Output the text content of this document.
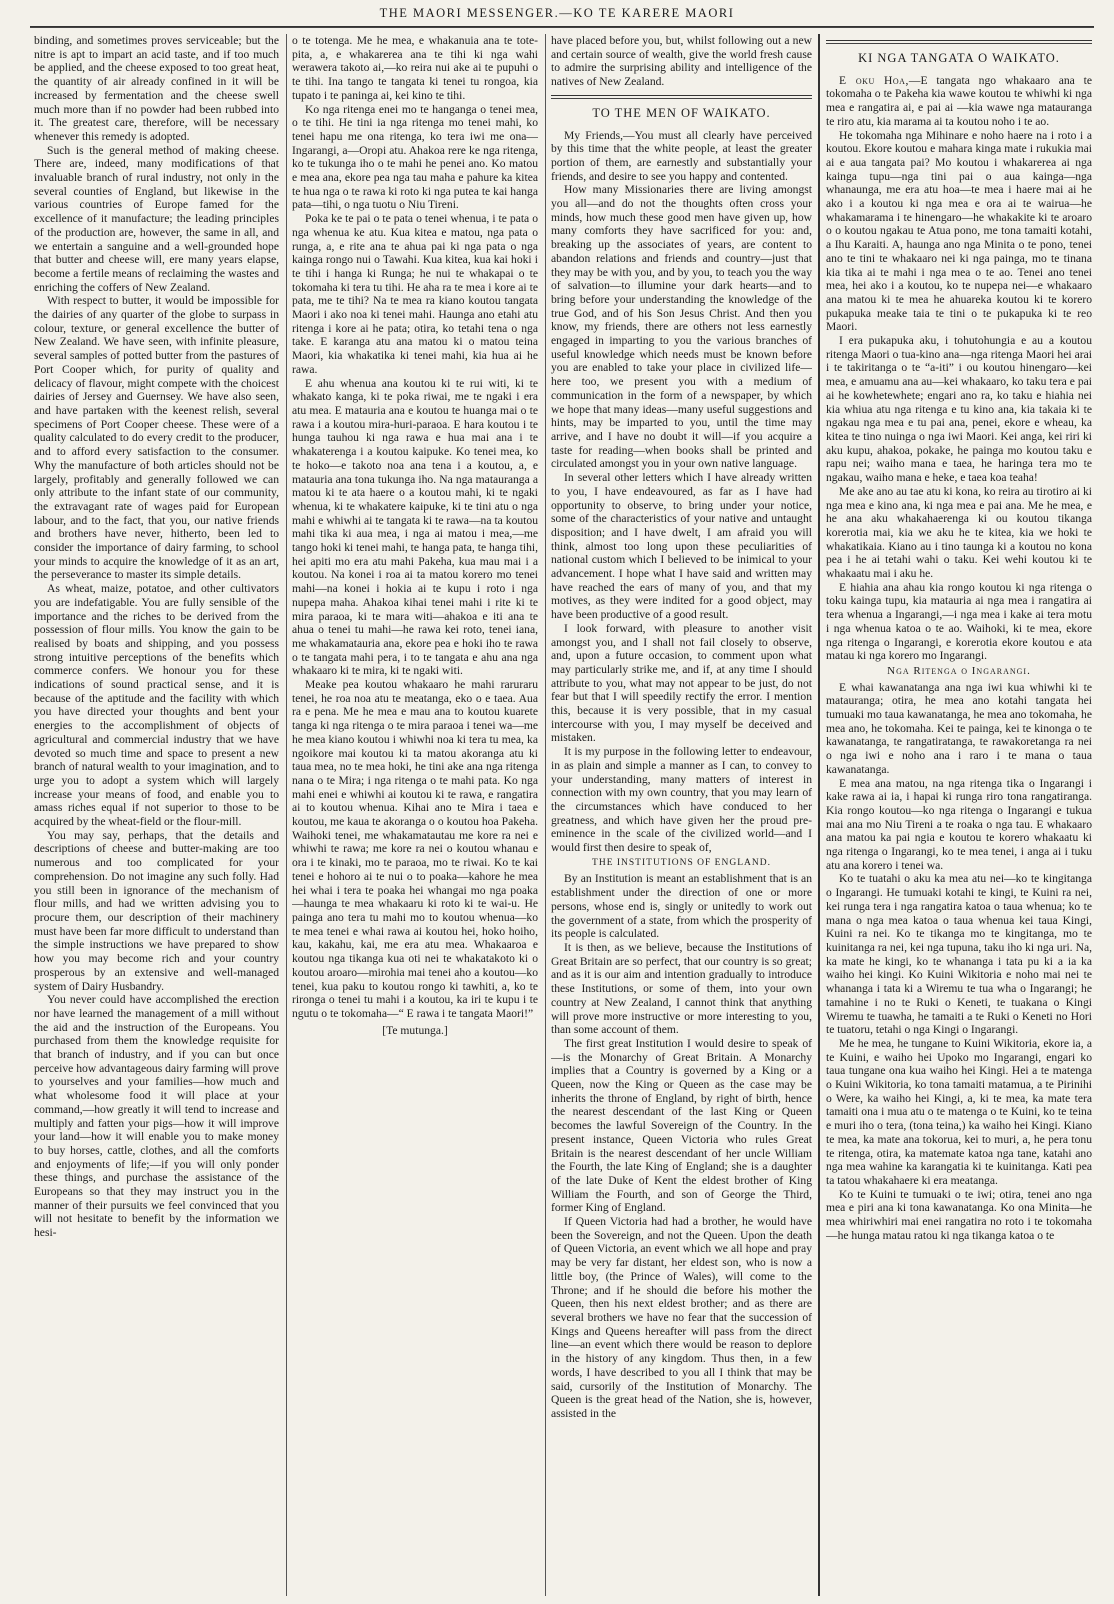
THE MAORI MESSENGER.—KO TE KARERE MAORI

binding, and sometimes proves serviceable; but the nitre is apt to impart an acid taste, and if too much be applied, and the cheese exposed to too great heat, the quantity of air already confined in it will be increased by fermentation and the cheese swell much more than if no powder had been rubbed into it. The greatest care, therefore, will be necessary whenever this remedy is adopted.

Such is the general method of making cheese. There are, indeed, many modifications of that invaluable branch of rural industry, not only in the several counties of England, but likewise in the various countries of Europe famed for the excellence of it manufacture; the leading principles of the production are, however, the same in all, and we entertain a sanguine and a well-grounded hope that butter and cheese will, ere many years elapse, become a fertile means of reclaiming the wastes and enriching the coffers of New Zealand.

With respect to butter, it would be impossible for the dairies of any quarter of the globe to surpass in colour, texture, or general excellence the butter of New Zealand. We have seen, with infinite pleasure, several samples of potted butter from the pastures of Port Cooper which, for purity of quality and delicacy of flavour, might compete with the choicest dairies of Jersey and Guernsey. We have also seen, and have partaken with the keenest relish, several specimens of Port Cooper cheese. These were of a quality calculated to do every credit to the producer, and to afford every satisfaction to the consumer. Why the manufacture of both articles should not be largely, profitably and generally followed we can only attribute to the infant state of our community, the extravagant rate of wages paid for European labour, and to the fact, that you, our native friends and brothers have never, hitherto, been led to consider the importance of dairy farming, to school your minds to acquire the knowledge of it as an art, the perseverance to master its simple details.

As wheat, maize, potatoe, and other cultivators you are indefatigable. You are fully sensible of the importance and the riches to be derived from the possession of flour mills. You know the gain to be realised by boats and shipping, and you possess strong intuitive perceptions of the benefits which commerce confers. We honour you for these indications of sound practical sense, and it is because of the aptitude and the facility with which you have directed your thoughts and bent your energies to the accomplishment of objects of agricultural and commercial industry that we have devoted so much time and space to present a new branch of natural wealth to your imagination, and to urge you to adopt a system which will largely increase your means of food, and enable you to amass riches equal if not superior to those to be acquired by the wheat-field or the flour-mill.

You may say, perhaps, that the details and descriptions of cheese and butter-making are too numerous and too complicated for your comprehension. Do not imagine any such folly. Had you still been in ignorance of the mechanism of flour mills, and had we written advising you to procure them, our description of their machinery must have been far more difficult to understand than the simple instructions we have prepared to show how you may become rich and your country prosperous by an extensive and well-managed system of Dairy Husbandry.

You never could have accomplished the erection nor have learned the management of a mill without the aid and the instruction of the Europeans. You purchased from them the knowledge requisite for that branch of industry, and if you can but once perceive how advantageous dairy farming will prove to yourselves and your families—how much and what wholesome food it will place at your command,—how greatly it will tend to increase and multiply and fatten your pigs—how it will improve your land—how it will enable you to make money to buy horses, cattle, clothes, and all the comforts and enjoyments of life;—if you will only ponder these things, and purchase the assistance of the Europeans so that they may instruct you in the manner of their pursuits we feel convinced that you will not hesitate to benefit by the information we hesi-

o te totenga. Me he mea, e whakanuia ana te tote-pita, a, e whakarerea ana te tihi ki nga wahi werawera takoto ai,—ko reira nui ake ai te pupuhi o te tihi. Ina tango te tangata ki tenei tu rongoa, kia tupato i te paninga ai, kei kino te tihi.

Ko nga ritenga enei mo te hanganga o tenei mea, o te tihi. He tini ia nga ritenga mo tenei mahi, ko tenei hapu me ona ritenga, ko tera iwi me ona—Ingarangi, a—Oropi atu. Ahakoa rere ke nga ritenga, ko te tukunga iho o te mahi he penei ano. Ko matou e mea ana, ekore pea nga tau maha e pahure ka kitea te hua nga o te rawa ki roto ki nga putea te kai hanga pata—tihi, o nga tuotu o Niu Tireni.

Poka ke te pai o te pata o tenei whenua, i te pata o nga whenua ke atu. Kua kitea e matou, nga pata o runga, a, e rite ana te ahua pai ki nga pata o nga kainga rongo nui o Tawahi. Kua kitea, kua kai hoki i te tihi i hanga ki Runga; he nui te whakapai o te tokomaha ki tera tu tihi. He aha ra te mea i kore ai te pata, me te tihi? Na te mea ra kiano koutou tangata Maori i ako noa ki tenei mahi. Haunga ano etahi atu ritenga i kore ai he pata; otira, ko tetahi tena o nga take. E karanga atu ana matou ki o matou teina Maori, kia whakatika ki tenei mahi, kia hua ai he rawa.

E ahu whenua ana koutou ki te rui witi, ki te whakato kanga, ki te poka riwai, me te ngaki i era atu mea. E matauria ana e koutou te huanga mai o te rawa i a koutou mira-huri-paraoa. E hara koutou i te hunga tauhou ki nga rawa e hua mai ana i te whakaterenga i a koutou kaipuke. Ko tenei mea, ko te hoko—e takoto noa ana tena i a koutou, a, e matauria ana tona tukunga iho. Na nga matauranga a matou ki te ata haere o a koutou mahi, ki te ngaki whenua, ki te whakatere kaipuke, ki te tini atu o nga mahi e whiwhi ai te tangata ki te rawa—na ta koutou mahi tika ki aua mea, i nga ai matou i mea,—me tango hoki ki tenei mahi, te hanga pata, te hanga tihi, hei apiti mo era atu mahi Pakeha, kua mau mai i a koutou. Na konei i roa ai ta matou korero mo tenei mahi—na konei i hokia ai te kupu i roto i nga nupepa maha. Ahakoa kihai tenei mahi i rite ki te mira paraoa, ki te mara witi—ahakoa e iti ana te ahua o tenei tu mahi—he rawa kei roto, tenei iana, me whakamatauria ana, ekore pea e hoki iho te rawa o te tangata mahi pera, i to te tangata e ahu ana nga whakaaro ki te mira, ki te ngaki witi.

Meake pea koutou whakaaro he mahi raruraru tenei, he roa noa atu te meatanga, eko o e taea. Aua ra e pena. Me he mea e mau ana to koutou kuarete tanga ki nga ritenga o te mira paraoa i tenei wa—me he mea kiano koutou i whiwhi noa ki tera tu mea, ka ngoikore mai koutou ki ta matou akoranga atu ki taua mea, no te mea hoki, he tini ake ana nga ritenga nana o te Mira; i nga ritenga o te mahi pata. Ko nga mahi enei e whiwhi ai koutou ki te rawa, e rangatira ai to koutou whenua. Kihai ano te Mira i taea e koutou, me kaua te akoranga o o koutou hoa Pakeha. Waihoki tenei, me whakamatautau me kore ra nei e whiwhi te rawa; me kore ra nei o koutou whanau e ora i te kinaki, mo te paraoa, mo te riwai. Ko te kai tenei e hohoro ai te nui o to poaka—kahore he mea hei whai i tera te poaka hei whangai mo nga poaka—haunga te mea whakaaru ki roto ki te wai-u. He painga ano tera tu mahi mo to koutou whenua—ko te mea tenei e whai rawa ai koutou hei, hoko hoiho, kau, kakahu, kai, me era atu mea. Whakaaroa e koutou nga tikanga kua oti nei te whakatakoto ki o koutou aroaro—mirohia mai tenei aho a koutou—ko tenei, kua paku to koutou rongo ki tawhiti, a, ko te rironga o tenei tu mahi i a koutou, ka iri te kupu i te ngutu o te tokomaha—“ E rawa i te tangata Maori!”

[Te mutunga.]

have placed before you, but, whilst following out a new and certain source of wealth, give the world fresh cause to admire the surprising ability and intelligence of the natives of New Zealand.

TO THE MEN OF WAIKATO.

My Friends,—You must all clearly have perceived by this time that the white people, at least the greater portion of them, are earnestly and substantially your friends, and desire to see you happy and contented.

How many Missionaries there are living amongst you all—and do not the thoughts often cross your minds, how much these good men have given up, how many comforts they have sacrificed for you: and, breaking up the associates of years, are content to abandon relations and friends and country—just that they may be with you, and by you, to teach you the way of salvation—to illumine your dark hearts—and to bring before your understanding the knowledge of the true God, and of his Son Jesus Christ. And then you know, my friends, there are others not less earnestly engaged in imparting to you the various branches of useful knowledge which needs must be known before you are enabled to take your place in civilized life—here too, we present you with a medium of communication in the form of a newspaper, by which we hope that many ideas—many useful suggestions and hints, may be imparted to you, until the time may arrive, and I have no doubt it will—if you acquire a taste for reading—when books shall be printed and circulated amongst you in your own native language.

In several other letters which I have already written to you, I have endeavoured, as far as I have had opportunity to observe, to bring under your notice, some of the characteristics of your native and untaught disposition; and I have dwelt, I am afraid you will think, almost too long upon these peculiarities of national custom which I believed to be inimical to your advancement. I hope what I have said and written may have reached the ears of many of you, and that my motives, as they were indited for a good object, may have been productive of a good result.

I look forward, with pleasure to another visit amongst you, and I shall not fail closely to observe, and, upon a future occasion, to comment upon what may particularly strike me, and if, at any time I should attribute to you, what may not appear to be just, do not fear but that I will speedily rectify the error. I mention this, because it is very possible, that in my casual intercourse with you, I may myself be deceived and mistaken.

It is my purpose in the following letter to endeavour, in as plain and simple a manner as I can, to convey to your understanding, many matters of interest in connection with my own country, that you may learn of the circumstances which have conduced to her greatness, and which have given her the proud pre-eminence in the scale of the civilized world—and I would first then desire to speak of,

THE INSTITUTIONS OF ENGLAND.

By an Institution is meant an establishment that is an establishment under the direction of one or more persons, whose end is, singly or unitedly to work out the government of a state, from which the prosperity of its people is calculated.

It is then, as we believe, because the Institutions of Great Britain are so perfect, that our country is so great; and as it is our aim and intention gradually to introduce these Institutions, or some of them, into your own country at New Zealand, I cannot think that anything will prove more instructive or more interesting to you, than some account of them.

The first great Institution I would desire to speak of—is the Monarchy of Great Britain. A Monarchy implies that a Country is governed by a King or a Queen, now the King or Queen as the case may be inherits the throne of England, by right of birth, hence the nearest descendant of the last King or Queen becomes the lawful Sovereign of the Country. In the present instance, Queen Victoria who rules Great Britain is the nearest descendant of her uncle William the Fourth, the late King of England; she is a daughter of the late Duke of Kent the eldest brother of King William the Fourth, and son of George the Third, former King of England.

If Queen Victoria had had a brother, he would have been the Sovereign, and not the Queen. Upon the death of Queen Victoria, an event which we all hope and pray may be very far distant, her eldest son, who is now a little boy, (the Prince of Wales), will come to the Throne; and if he should die before his mother the Queen, then his next eldest brother; and as there are several brothers we have no fear that the succession of Kings and Queens hereafter will pass from the direct line—an event which there would be reason to deplore in the history of any kingdom. Thus then, in a few words, I have described to you all I think that may be said, cursorily of the Institution of Monarchy. The Queen is the great head of the Nation, she is, however, assisted in the

KI NGA TANGATA O WAIKATO.

E oku Hoa,—E tangata ngo whakaaro ana te tokomaha o te Pakeha kia wawe koutou te whiwhi ki nga mea e rangatira ai, e pai ai —kia wawe nga matauranga te riro atu, kia marama ai ta koutou noho i te ao.

He tokomaha nga Mihinare e noho haere na i roto i a koutou. Ekore koutou e mahara kinga mate i rukukia mai ai e aua tangata pai? Mo koutou i whakarerea ai nga kainga tupu—nga tini pai o aua kainga—nga whanaunga, me era atu hoa—te mea i haere mai ai he ako i a koutou ki nga mea e ora ai te wairua—he whakamarama i te hinengaro—he whakakite ki te aroaro o o koutou ngakau te Atua pono, me tona tamaiti kotahi, a Ihu Karaiti. A, haunga ano nga Minita o te pono, tenei ano te tini te whakaaro nei ki nga painga, mo te tinana kia tika ai te mahi i nga mea o te ao. Tenei ano tenei mea, hei ako i a koutou, ko te nupepa nei—e whakaaro ana matou ki te mea he ahuareka koutou ki te korero pukapuka meake taia te tini o te pukapuka ki te reo Maori.

I era pukapuka aku, i tohutohungia e au a koutou ritenga Maori o tua-kino ana—nga ritenga Maori hei arai i te takiritanga o te “a-iti” i ou koutou hinengaro—kei mea, e amuamu ana au—kei whakaaro, ko taku tera e pai ai he kowhetewhete; engari ano ra, ko taku e hiahia nei kia whiua atu nga ritenga e tu kino ana, kia takaia ki te ngakau nga mea e tu pai ana, penei, ekore e wheau, ka kitea te tino nuinga o nga iwi Maori. Kei anga, kei riri ki aku kupu, ahakoa, pokake, he painga mo koutou taku e rapu nei; waiho mana e taea, he haringa tera mo te ngakau, waiho mana e heke, e taea koa teaha!

Me ake ano au tae atu ki kona, ko reira au tirotiro ai ki nga mea e kino ana, ki nga mea e pai ana. Me he mea, e he ana aku whakahaerenga ki ou koutou tikanga korerotia mai, kia we aku he te kitea, kia we hoki te whakatikaia. Kiano au i tino taunga ki a koutou no kona pea i he ai tetahi wahi o taku. Kei wehi koutou ki te whakaatu mai i aku he.

E hiahia ana ahau kia rongo koutou ki nga ritenga o toku kainga tupu, kia matauria ai nga mea i rangatira ai tera whenua a Ingarangi,—i nga mea i kake ai tera motu i nga whenua katoa o te ao. Waihoki, ki te mea, ekore nga ritenga o Ingarangi, e korerotia ekore koutou e ata matau ki nga korero mo Ingarangi.

Nga Ritenga o Ingarangi.

E whai kawanatanga ana nga iwi kua whiwhi ki te matauranga; otira, he mea ano kotahi tangata hei tumuaki mo taua kawanatanga, he mea ano tokomaha, he mea ano, he tokomaha. Kei te painga, kei te kinonga o te kawanatanga, te rangatiratanga, te rawakoretanga ra nei o nga iwi e noho ana i raro i te mana o taua kawanatanga.

E mea ana matou, na nga ritenga tika o Ingarangi i kake rawa ai ia, i hapai ki runga riro tona rangatiranga. Kia rongo koutou—ko nga ritenga o Ingarangi e tukua mai ana mo Niu Tireni a te roaka o nga tau. E whakaaro ana matou ka pai ngia e koutou te korero whakaatu ki nga ritenga o Ingarangi, ko te mea tenei, i anga ai i tuku atu ana korero i tenei wa.

Ko te tuatahi o aku ka mea atu nei—ko te kingitanga o Ingarangi. He tumuaki kotahi te kingi, te Kuini ra nei, kei runga tera i nga rangatira katoa o taua whenua; ko te mana o nga mea katoa o taua whenua kei taua Kingi, Kuini ra nei. Ko te tikanga mo te kingitanga, mo te kuinitanga ra nei, kei nga tupuna, taku iho ki nga uri. Na, ka mate he kingi, ko te whananga i tata pu ki a ia ka waiho hei kingi. Ko Kuini Wikitoria e noho mai nei te whananga i tata ki a Wiremu te tua wha o Ingarangi; he tamahine i no te Ruki o Keneti, te tuakana o Kingi Wiremu te tuawha, he tamaiti a te Ruki o Keneti no Hori te tuatoru, tetahi o nga Kingi o Ingarangi.

Me he mea, he tungane to Kuini Wikitoria, ekore ia, a te Kuini, e waiho hei Upoko mo Ingarangi, engari ko taua tungane ona kua waiho hei Kingi. Hei a te matenga o Kuini Wikitoria, ko tona tamaiti matamua, a te Pirinihi o Were, ka waiho hei Kingi, a, ki te mea, ka mate tera tamaiti ona i mua atu o te matenga o te Kuini, ko te teina e muri iho o tera, (tona teina,) ka waiho hei Kingi. Kiano te mea, ka mate ana tokorua, kei to muri, a, he pera tonu te ritenga, otira, ka matemate katoa nga tane, katahi ano nga mea wahine ka karangatia ki te kuinitanga. Kati pea ta tatou whakahaere ki era meatanga.

Ko te Kuini te tumuaki o te iwi; otira, tenei ano nga mea e piri ana ki tona kawanatanga. Ko ona Minita—he mea whiriwhiri mai enei rangatira no roto i te tokomaha—he hunga matau ratou ki nga tikanga katoa o te
